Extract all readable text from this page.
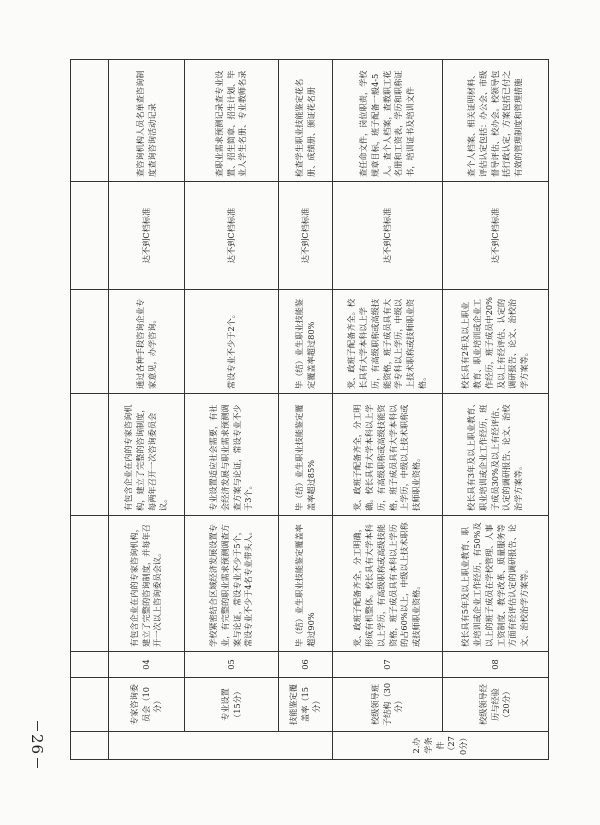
	专家咨询委员会（10分）	04	有包含企业在内的专家咨询机构，建立了完整的咨询制度，并每年召开一次以上咨询委员会议。	有包含企业在内的专家咨询机构，建立了完整的咨询制度，每两年召开一次咨询委员会议。	通过各种手段咨询企业专家意见，办学咨询。	达不到C档标准	查咨询机构人员名单查咨询制度查询咨询活动记录
	专业设置（15分）	05	学校紧密结合区域经济发展设置专业，有完整的职业需求预测调查方案与论证，常设专业不少于5个，常设专业不少于4名专业带头人。	专业设置适应社会需要，有社会经济发展与职业需求预测调查方案与论证，常设专业不少于3个。	常设专业不少于2个。	达不到C档标准	查职业需求预测记录查专业设置、招生简章、招生计划、毕业人学生名册、专业教师名录
	技能鉴定覆盖率（15分）	06	毕（结）业生职业技能鉴定覆盖率超过90%	毕（结）业生职业技能鉴定覆盖率超过85%	毕（结）业生职业技能鉴定覆盖率超过80%	达不到C档标准	检查学生职业技能鉴定花名册、成绩册、颁证花名册
2.办学条件（270分）	校级领导班子结构（30分）	07	党、政班子配备齐全，分工明确，形成有机整体。校长具有大学本科以上学历，有高级职称或高级技能资格，班子成员具有本科以上学历的占60%以上，中级以上技术职称或技师职业资格。	党、政班子配备齐全，分工明确。校长具有大学本科以上学历，有高级职称或高级技能资格，班子成员具有大学本科以上学历，中级以上技术职称或技师职业资格。	党、政班子配备齐全。校长具有大学本科以上学历，有高级职称或高级技能资格，班子成员具有大学专科以上学历，中级以上技术职称或技师职业资格。	达不到C档标准	查任命文件，岗位职责，学校规章目标，班子配备一般4-5人。查个人档案，查教职工花名册和工资表，学历和职称证书，培训证书及培训文件
	校级领导经历与经验（20分）	08	校长具有5年及以上职业教育、职业培训或企业工作经历，有50%及以上的班子成员在学校管理、人事工资制度、教学改革、质量服务等方面有经评估认定的调研报告、论文、治校治学方案等。	校长具有3年及以上职业教育、职业培训或企业工作经历，班子成员30%及以上有经评估、认定的调研报告、论文、治校治学方案等。	校长具有2年及以上职业教育、职业培训或企业工作经历，班子成员中20%及以上有经评估、认定的调研报告、论文、治校治学方案等。	达不到C档标准	查个人档案、相关证明材料、评估认定包括：办公会、市级督导评估、校办会。校领导包括行政认定，方案包括已付之有效的管理制度和管理措施
26
